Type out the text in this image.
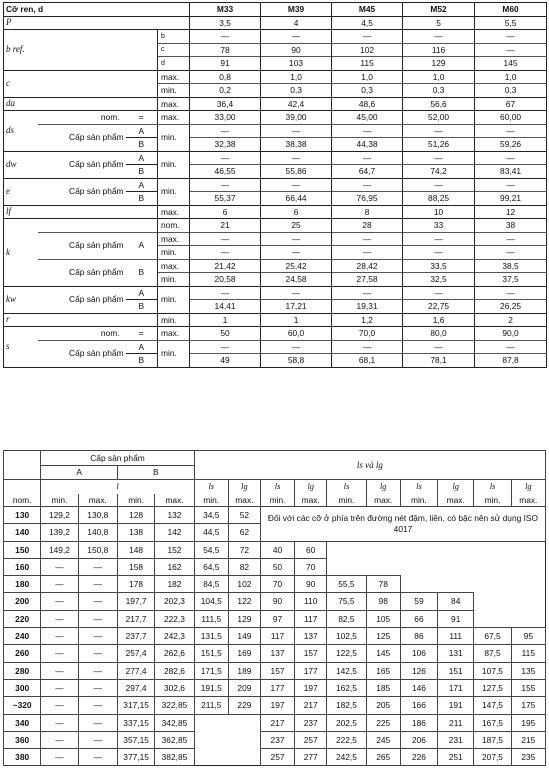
Cỡ ren, d				M33	M39	M45	M52	M60
P				3,5	4	4,5	5	5,5
b ref.			b	—	—	—	—	—
			c	78	90	102	116	—
			d	91	103	115	129	145
c			max.	0,8	1,0	1,0	1,0	1,0
			min.	0,2	0,3	0,3	0,3	0,3
da			max.	36,4	42,4	48,6	56,6	67
ds	nom.	=	max.	33,00	39,00	45,00	52,00	60,00
	Cấp sản phẩm	A	min.	—	—	—	—	—
		B		32,38	38,38	44,38	51,26	59,26
dw	Cấp sản phẩm	A	min.	—	—	—	—	—
		B		46,55	55,86	64,7	74,2	83,41
e	Cấp sản phẩm	A	min.	—	—	—	—	—
		B		55,37	66,44	76,95	88,25	99,21
lf			max.	6	6	8	10	12
k			nom.	21	25	28	33	38
	Cấp sản phẩm	A	max.	—	—	—	—	—
			min.	—	—	—	—	—
	Cấp sản phẩm	B	max.	21,42	25,42	28,42	33,5	38,5
			min.	20,58	24,58	27,58	32,5	37,5
kw	Cấp sản phẩm	A	min.	—	—	—	—	—
		B		14,41	17,21	19,31	22,75	26,25
r			min.	1	1	1,2	1,6	2
s	nom.	=	max.	50	60,0	70,0	80,0	90,0
	Cấp sản phẩm	A	min.	—	—	—	—	—
		B		49	58,8	68,1	78,1	87,8
	Cấp sản phẩm				ls và lg									
	A		B											
	l				ls	lg	ls	lg	ls	lg	ls	lg	ls	lg
nom.	min.	max.	min.	max.	min.	max.	min.	max.	min.	max.	min.	max.	min.	max.
130	129,2	130,8	128	132	34,5	52	Đối với các cỡ ở phía trên đường nét đậm, liền, có bậc nên sử dụng ISO 4017							
140	139,2	140,8	138	142	44,5	62								
150	149,2	150,8	148	152	54,5	72	40	60						
160	—	—	158	162	64,5	82	50	70						
180	—	—	178	182	84,5	102	70	90	55,5	78				
200	—	—	197,7	202,3	104,5	122	90	110	75,5	98	59	84		
220	—	—	217,7	222,3	111,5	129	97	117	82,5	105	66	91		
240	—	—	237,7	242,3	131,5	149	117	137	102,5	125	86	111	67,5	95
260	—	—	257,4	262,6	151,5	169	137	157	122,5	145	106	131	87,5	115
280	—	—	277,4	282,6	171,5	189	157	177	142,5	165	126	151	107,5	135
300	—	—	297,4	302,6	191,5	209	177	197	162,5	185	146	171	127,5	155
~320	—	—	317,15	322,85	211,5	229	197	217	182,5	205	166	191	147,5	175
340	—	—	337,15	342,85			217	237	202,5	225	186	211	167,5	195
360	—	—	357,15	362,85			237	257	222,5	245	206	231	187,5	215
380	—	—	377,15	382,85			257	277	242,5	265	226	251	207,5	235
